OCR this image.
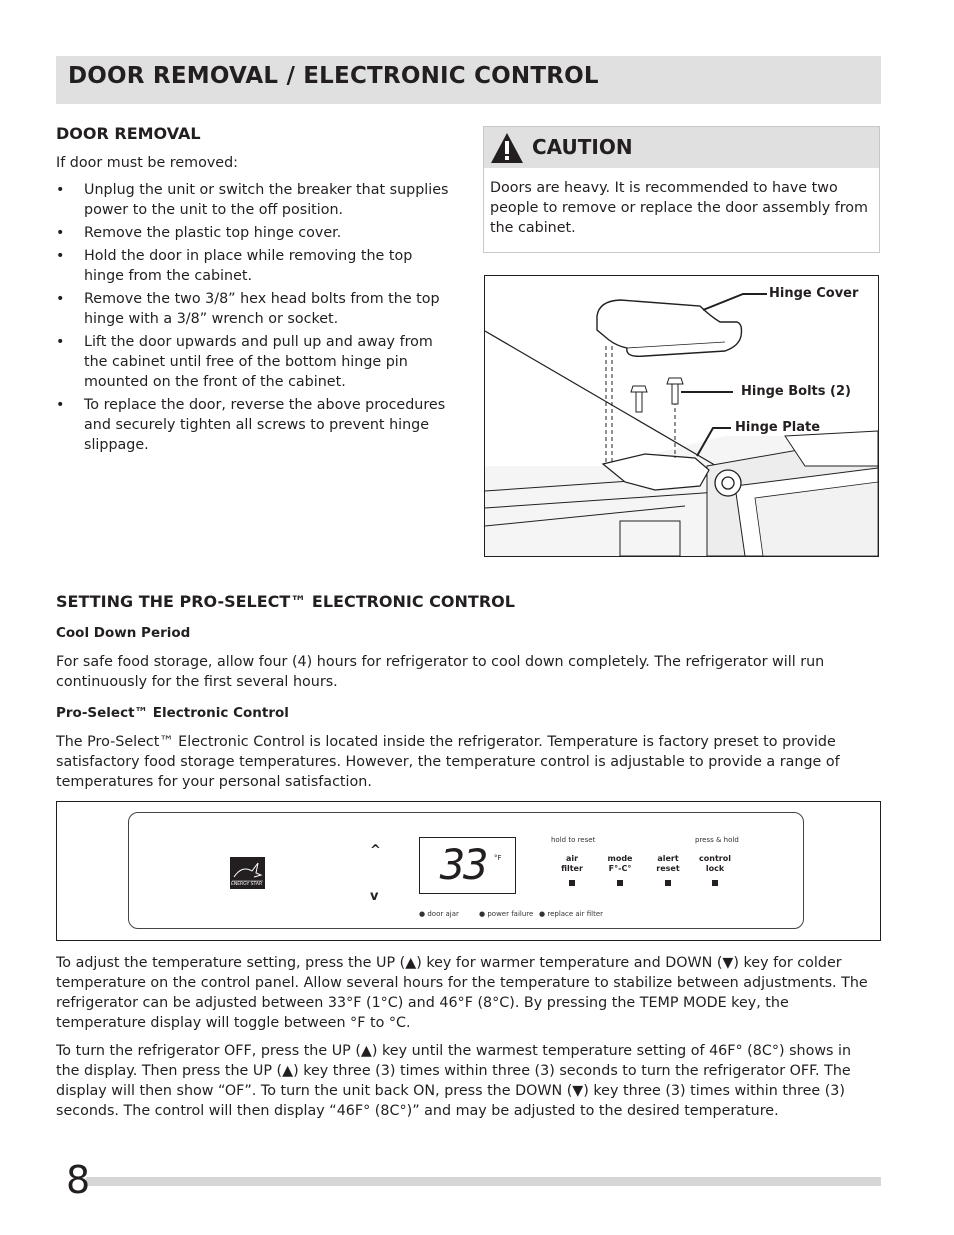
DOOR REMOVAL / ELECTRONIC CONTROL
DOOR REMOVAL
If door must be removed:
• Unplug the unit or switch the breaker that supplies power to the unit to the off position.
• Remove the plastic top hinge cover.
• Hold the door in place while removing the top hinge from the cabinet.
• Remove the two 3/8” hex head bolts from the top hinge with a 3/8” wrench or socket.
• Lift the door upwards and pull up and away from the cabinet until free of the bottom hinge pin mounted on the front of the cabinet.
• To replace the door, reverse the above procedures and securely tighten all screws to prevent hinge slippage.
CAUTION
Doors are heavy. It is recommended to have two people to remove or replace the door assembly from the cabinet.
Hinge Cover
Hinge Bolts (2)
Hinge Plate
SETTING THE PRO-SELECT™ ELECTRONIC CONTROL
Cool Down Period
For safe food storage, allow four (4) hours for refrigerator to cool down completely. The refrigerator will run continuously for the first several hours.
Pro-Select™ Electronic Control
The Pro-Select™ Electronic Control is located inside the refrigerator. Temperature is factory preset to provide satisfactory food storage temperatures. However, the temperature control is adjustable to provide a range of temperatures for your personal satisfaction.
ENERGY STAR
^
v
33 °F
hold to reset	press & hold
air
filter
mode
F°-C°
alert
reset
control
lock
● door ajar	● power failure ● replace air filter
To adjust the temperature setting, press the UP (▲) key for warmer temperature and DOWN (▼) key for colder temperature on the control panel. Allow several hours for the temperature to stabilize between adjustments. The refrigerator can be adjusted between 33°F (1°C) and 46°F (8°C). By pressing the TEMP MODE key, the temperature display will toggle between °F to °C.
To turn the refrigerator OFF, press the UP (▲) key until the warmest temperature setting of 46F° (8C°) shows in the display. Then press the UP (▲) key three (3) times within three (3) seconds to turn the refrigerator OFF. The display will then show “OF”. To turn the unit back ON, press the DOWN (▼) key three (3) times within three (3) seconds. The control will then display “46F° (8C°)” and may be adjusted to the desired temperature.
8
